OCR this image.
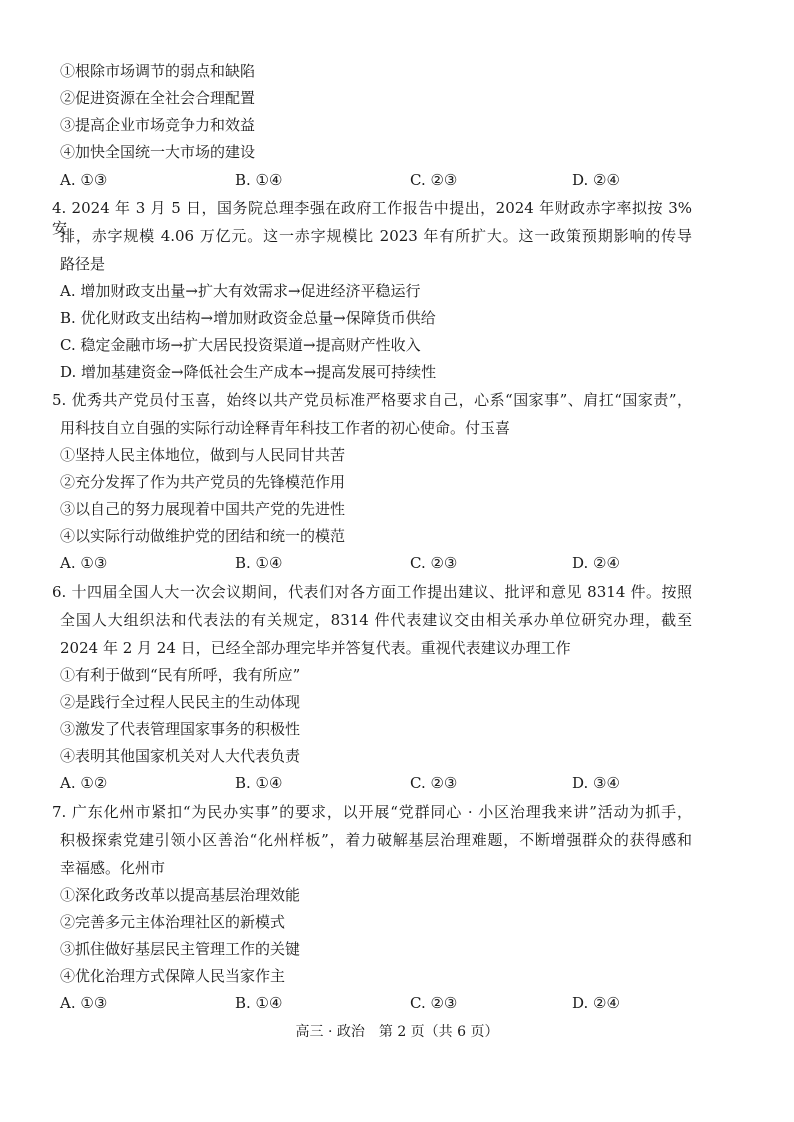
①根除市场调节的弱点和缺陷
②促进资源在全社会合理配置
③提高企业市场竞争力和效益
④加快全国统一大市场的建设
A. ①③	B. ①④	C. ②③	D. ②④
4. 2024 年 3 月 5 日，国务院总理李强在政府工作报告中提出，2024 年财政赤字率拟按 3% 安
排，赤字规模 4.06 万亿元。这一赤字规模比 2023 年有所扩大。这一政策预期影响的传导
路径是
A. 增加财政支出量→扩大有效需求→促进经济平稳运行
B. 优化财政支出结构→增加财政资金总量→保障货币供给
C. 稳定金融市场→扩大居民投资渠道→提高财产性收入
D. 增加基建资金→降低社会生产成本→提高发展可持续性
5. 优秀共产党员付玉喜，始终以共产党员标准严格要求自己，心系“国家事”、肩扛“国家责”，
用科技自立自强的实际行动诠释青年科技工作者的初心使命。付玉喜
①坚持人民主体地位，做到与人民同甘共苦
②充分发挥了作为共产党员的先锋模范作用
③以自己的努力展现着中国共产党的先进性
④以实际行动做维护党的团结和统一的模范
A. ①③	B. ①④	C. ②③	D. ②④
6. 十四届全国人大一次会议期间，代表们对各方面工作提出建议、批评和意见 8314 件。按照
全国人大组织法和代表法的有关规定，8314 件代表建议交由相关承办单位研究办理，截至
2024 年 2 月 24 日，已经全部办理完毕并答复代表。重视代表建议办理工作
①有利于做到“民有所呼，我有所应”
②是践行全过程人民民主的生动体现
③激发了代表管理国家事务的积极性
④表明其他国家机关对人大代表负责
A. ①②	B. ①④	C. ②③	D. ③④
7. 广东化州市紧扣“为民办实事”的要求，以开展“党群同心 · 小区治理我来讲”活动为抓手，
积极探索党建引领小区善治“化州样板”，着力破解基层治理难题，不断增强群众的获得感和
幸福感。化州市
①深化政务改革以提高基层治理效能
②完善多元主体治理社区的新模式
③抓住做好基层民主管理工作的关键
④优化治理方式保障人民当家作主
A. ①③	B. ①④	C. ②③	D. ②④
高三 · 政治　第 2 页（共 6 页）
